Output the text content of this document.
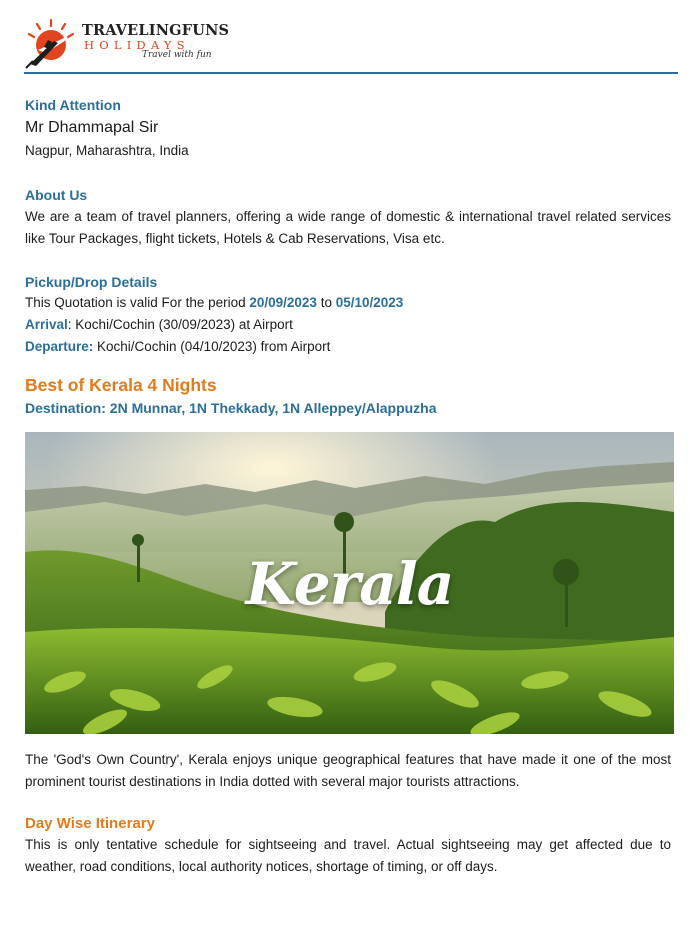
TRAVELINGFUNS
HOLIDAYS
Travel with fun
Kind Attention
Mr Dhammapal Sir
Nagpur, Maharashtra, India
About Us
We are a team of travel planners, offering a wide range of domestic & international travel related services like Tour Packages, flight tickets, Hotels & Cab Reservations, Visa etc.
Pickup/Drop Details
This Quotation is valid For the period 20/09/2023 to 05/10/2023
Arrival: Kochi/Cochin (30/09/2023) at Airport
Departure: Kochi/Cochin (04/10/2023) from Airport
Best of Kerala 4 Nights
Destination: 2N Munnar, 1N Thekkady, 1N Alleppey/Alappuzha
Kerala
The 'God's Own Country', Kerala enjoys unique geographical features that have made it one of the most prominent tourist destinations in India dotted with several major tourists attractions.
Day Wise Itinerary
This is only tentative schedule for sightseeing and travel. Actual sightseeing may get affected due to weather, road conditions, local authority notices, shortage of timing, or off days.
